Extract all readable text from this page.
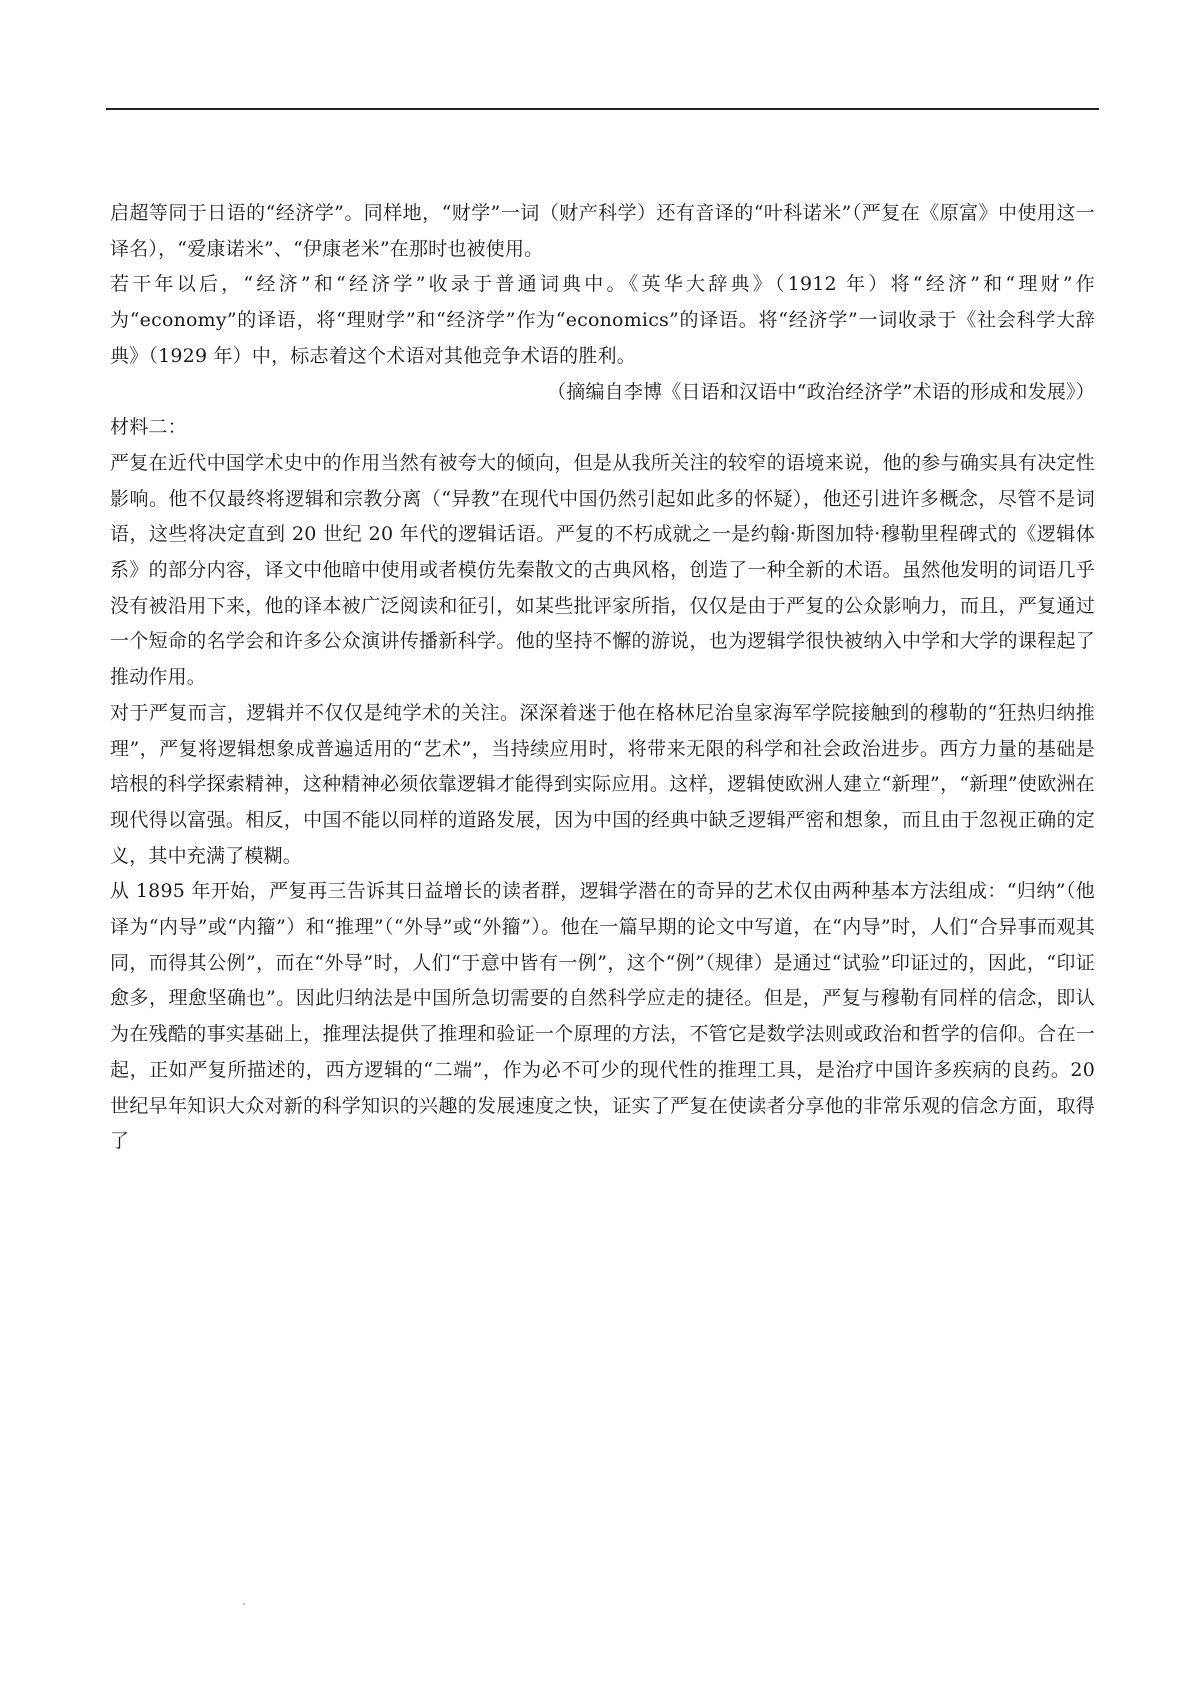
启超等同于日语的“经济学”。同样地，“财学”一词（财产科学）还有音译的“叶科诺米”（严复在《原富》中使用这一译名），“爱康诺米”、“伊康老米”在那时也被使用。

若干年以后，“经济”和“经济学”收录于普通词典中。《英华大辞典》（1912 年）将“经济”和“理财”作为“economy”的译语，将“理财学”和“经济学”作为“economics”的译语。将“经济学”一词收录于《社会科学大辞典》（1929 年）中，标志着这个术语对其他竞争术语的胜利。

（摘编自李博《日语和汉语中“政治经济学”术语的形成和发展》）

材料二：

严复在近代中国学术史中的作用当然有被夸大的倾向，但是从我所关注的较窄的语境来说，他的参与确实具有决定性影响。他不仅最终将逻辑和宗教分离（“异教”在现代中国仍然引起如此多的怀疑），他还引进许多概念，尽管不是词语，这些将决定直到 20 世纪 20 年代的逻辑话语。严复的不朽成就之一是约翰·斯图加特·穆勒里程碑式的《逻辑体系》的部分内容，译文中他暗中使用或者模仿先秦散文的古典风格，创造了一种全新的术语。虽然他发明的词语几乎没有被沿用下来，他的译本被广泛阅读和征引，如某些批评家所指，仅仅是由于严复的公众影响力，而且，严复通过一个短命的名学会和许多公众演讲传播新科学。他的坚持不懈的游说，也为逻辑学很快被纳入中学和大学的课程起了推动作用。

对于严复而言，逻辑并不仅仅是纯学术的关注。深深着迷于他在格林尼治皇家海军学院接触到的穆勒的“狂热归纳推理”，严复将逻辑想象成普遍适用的“艺术”，当持续应用时，将带来无限的科学和社会政治进步。西方力量的基础是培根的科学探索精神，这种精神必须依靠逻辑才能得到实际应用。这样，逻辑使欧洲人建立“新理”，“新理”使欧洲在现代得以富强。相反，中国不能以同样的道路发展，因为中国的经典中缺乏逻辑严密和想象，而且由于忽视正确的定义，其中充满了模糊。

从 1895 年开始，严复再三告诉其日益增长的读者群，逻辑学潜在的奇异的艺术仅由两种基本方法组成：“归纳”（他译为“内导”或“内籀”）和“推理”（“外导”或“外籀”）。他在一篇早期的论文中写道，在“内导”时，人们“合异事而观其同，而得其公例”，而在“外导”时，人们“于意中皆有一例”，这个“例”（规律）是通过“试验”印证过的，因此，“印证愈多，理愈坚确也”。因此归纳法是中国所急切需要的自然科学应走的捷径。但是，严复与穆勒有同样的信念，即认为在残酷的事实基础上，推理法提供了推理和验证一个原理的方法，不管它是数学法则或政治和哲学的信仰。合在一起，正如严复所描述的，西方逻辑的“二端”，作为必不可少的现代性的推理工具，是治疗中国许多疾病的良药。20 世纪早年知识大众对新的科学知识的兴趣的发展速度之快，证实了严复在使读者分享他的非常乐观的信念方面，取得了
